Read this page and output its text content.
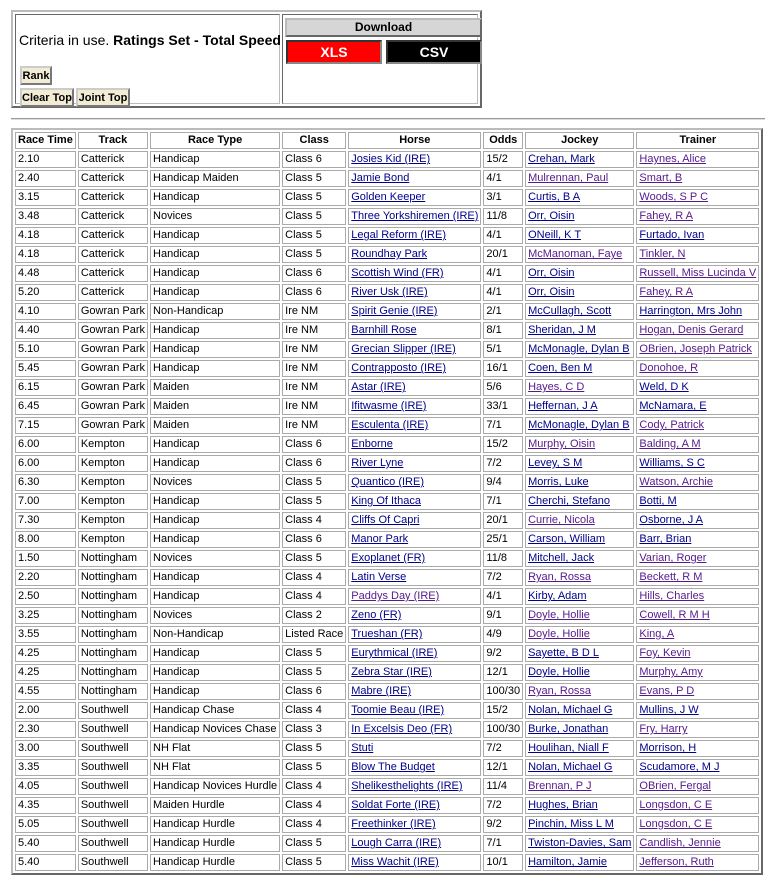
Criteria in use. Ratings Set - Total Speed
Rank
Clear Top Joint Top
Download
XLS	CSV
Race Time	Track	Race Type	Class	Horse	Odds	Jockey	Trainer
2.10	Catterick	Handicap	Class 6	Josies Kid (IRE)	15/2	Crehan, Mark	Haynes, Alice
2.40	Catterick	Handicap Maiden	Class 5	Jamie Bond	4/1	Mulrennan, Paul	Smart, B
3.15	Catterick	Handicap	Class 5	Golden Keeper	3/1	Curtis, B A	Woods, S P C
3.48	Catterick	Novices	Class 5	Three Yorkshiremen (IRE)	11/8	Orr, Oisin	Fahey, R A
4.18	Catterick	Handicap	Class 5	Legal Reform (IRE)	4/1	ONeill, K T	Furtado, Ivan
4.18	Catterick	Handicap	Class 5	Roundhay Park	20/1	McManoman, Faye	Tinkler, N
4.48	Catterick	Handicap	Class 6	Scottish Wind (FR)	4/1	Orr, Oisin	Russell, Miss Lucinda V
5.20	Catterick	Handicap	Class 6	River Usk (IRE)	4/1	Orr, Oisin	Fahey, R A
4.10	Gowran Park	Non-Handicap	Ire NM	Spirit Genie (IRE)	2/1	McCullagh, Scott	Harrington, Mrs John
4.40	Gowran Park	Handicap	Ire NM	Barnhill Rose	8/1	Sheridan, J M	Hogan, Denis Gerard
5.10	Gowran Park	Handicap	Ire NM	Grecian Slipper (IRE)	5/1	McMonagle, Dylan B	OBrien, Joseph Patrick
5.45	Gowran Park	Handicap	Ire NM	Contrapposto (IRE)	16/1	Coen, Ben M	Donohoe, R
6.15	Gowran Park	Maiden	Ire NM	Astar (IRE)	5/6	Hayes, C D	Weld, D K
6.45	Gowran Park	Maiden	Ire NM	Ifitwasme (IRE)	33/1	Heffernan, J A	McNamara, E
7.15	Gowran Park	Maiden	Ire NM	Esculenta (IRE)	7/1	McMonagle, Dylan B	Cody, Patrick
6.00	Kempton	Handicap	Class 6	Enborne	15/2	Murphy, Oisin	Balding, A M
6.00	Kempton	Handicap	Class 6	River Lyne	7/2	Levey, S M	Williams, S C
6.30	Kempton	Novices	Class 5	Quantico (IRE)	9/4	Morris, Luke	Watson, Archie
7.00	Kempton	Handicap	Class 5	King Of Ithaca	7/1	Cherchi, Stefano	Botti, M
7.30	Kempton	Handicap	Class 4	Cliffs Of Capri	20/1	Currie, Nicola	Osborne, J A
8.00	Kempton	Handicap	Class 6	Manor Park	25/1	Carson, William	Barr, Brian
1.50	Nottingham	Novices	Class 5	Exoplanet (FR)	11/8	Mitchell, Jack	Varian, Roger
2.20	Nottingham	Handicap	Class 4	Latin Verse	7/2	Ryan, Rossa	Beckett, R M
2.50	Nottingham	Handicap	Class 4	Paddys Day (IRE)	4/1	Kirby, Adam	Hills, Charles
3.25	Nottingham	Novices	Class 2	Zeno (FR)	9/1	Doyle, Hollie	Cowell, R M H
3.55	Nottingham	Non-Handicap	Listed Race	Trueshan (FR)	4/9	Doyle, Hollie	King, A
4.25	Nottingham	Handicap	Class 5	Eurythmical (IRE)	9/2	Sayette, B D L	Foy, Kevin
4.25	Nottingham	Handicap	Class 5	Zebra Star (IRE)	12/1	Doyle, Hollie	Murphy, Amy
4.55	Nottingham	Handicap	Class 6	Mabre (IRE)	100/30	Ryan, Rossa	Evans, P D
2.00	Southwell	Handicap Chase	Class 4	Toomie Beau (IRE)	15/2	Nolan, Michael G	Mullins, J W
2.30	Southwell	Handicap Novices Chase	Class 3	In Excelsis Deo (FR)	100/30	Burke, Jonathan	Fry, Harry
3.00	Southwell	NH Flat	Class 5	Stuti	7/2	Houlihan, Niall F	Morrison, H
3.35	Southwell	NH Flat	Class 5	Blow The Budget	12/1	Nolan, Michael G	Scudamore, M J
4.05	Southwell	Handicap Novices Hurdle	Class 4	Shelikesthelights (IRE)	11/4	Brennan, P J	OBrien, Fergal
4.35	Southwell	Maiden Hurdle	Class 4	Soldat Forte (IRE)	7/2	Hughes, Brian	Longsdon, C E
5.05	Southwell	Handicap Hurdle	Class 4	Freethinker (IRE)	9/2	Pinchin, Miss L M	Longsdon, C E
5.40	Southwell	Handicap Hurdle	Class 5	Lough Carra (IRE)	7/1	Twiston-Davies, Sam	Candlish, Jennie
5.40	Southwell	Handicap Hurdle	Class 5	Miss Wachit (IRE)	10/1	Hamilton, Jamie	Jefferson, Ruth
